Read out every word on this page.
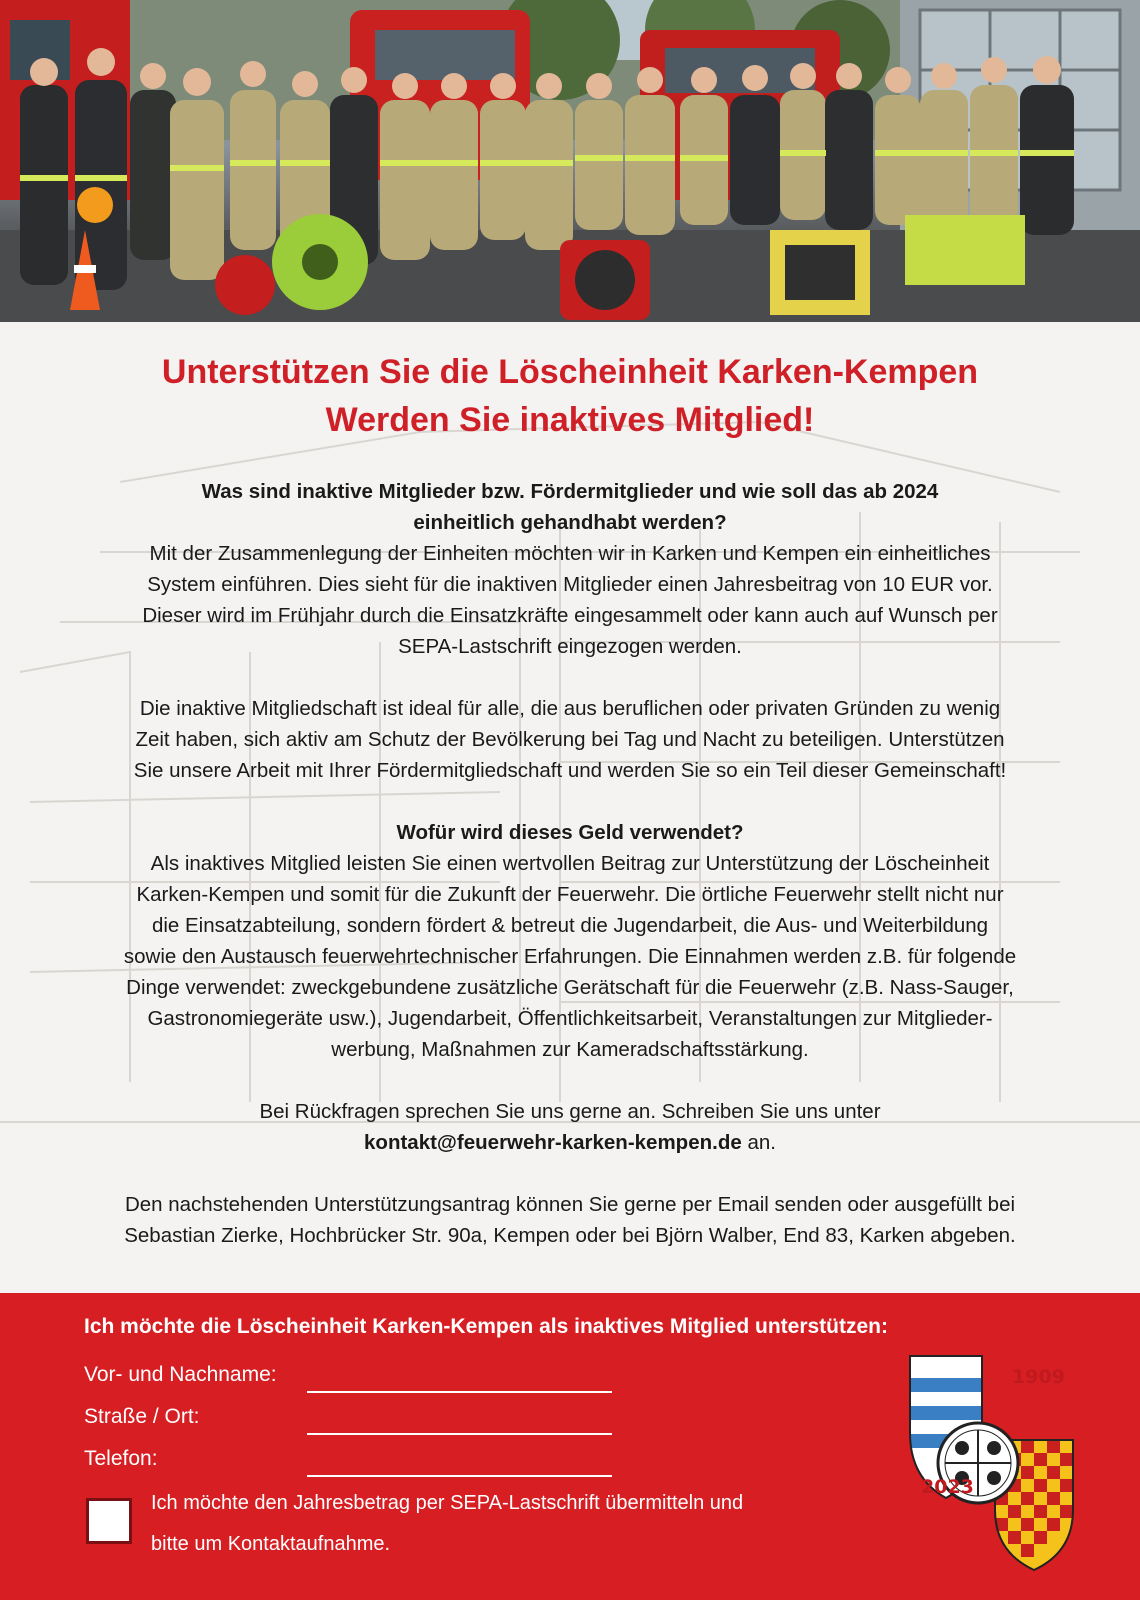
Unterstützen Sie die Löscheinheit Karken-Kempen
Werden Sie inaktives Mitglied!

Was sind inaktive Mitglieder bzw. Fördermitglieder und wie soll das ab 2024

einheitlich gehandhabt werden?

Mit der Zusammenlegung der Einheiten möchten wir in Karken und Kempen ein einheitliches

System einführen. Dies sieht für die inaktiven Mitglieder einen Jahresbeitrag von 10 EUR vor.

Dieser wird im Frühjahr durch die Einsatzkräfte eingesammelt oder kann auch auf Wunsch per

SEPA-Lastschrift eingezogen werden.

Die inaktive Mitgliedschaft ist ideal für alle, die aus beruflichen oder privaten Gründen zu wenig

Zeit haben, sich aktiv am Schutz der Bevölkerung bei Tag und Nacht zu beteiligen. Unterstützen

Sie unsere Arbeit mit Ihrer Fördermitgliedschaft und werden Sie so ein Teil dieser Gemeinschaft!

Wofür wird dieses Geld verwendet?

Als inaktives Mitglied leisten Sie einen wertvollen Beitrag zur Unterstützung der Löscheinheit

Karken-Kempen und somit für die Zukunft der Feuerwehr. Die örtliche Feuerwehr stellt nicht nur

die Einsatzabteilung, sondern fördert & betreut die Jugendarbeit, die Aus- und Weiterbildung

sowie den Austausch feuerwehrtechnischer Erfahrungen. Die Einnahmen werden z.B. für folgende

Dinge verwendet: zweckgebundene zusätzliche Gerätschaft für die Feuerwehr (z.B. Nass-Sauger,

Gastronomiegeräte usw.), Jugendarbeit, Öffentlichkeitsarbeit, Veranstaltungen zur Mitglieder-

werbung, Maßnahmen zur Kameradschaftsstärkung.

Bei Rückfragen sprechen Sie uns gerne an. Schreiben Sie uns unter

kontakt@feuerwehr-karken-kempen.de an.

Den nachstehenden Unterstützungsantrag können Sie gerne per Email senden oder ausgefüllt bei

Sebastian Zierke, Hochbrücker Str. 90a, Kempen oder bei Björn Walber, End 83, Karken abgeben.

Ich möchte die Löscheinheit Karken-Kempen als inaktives Mitglied unterstützen:
Vor- und Nachname:
Straße / Ort:
Telefon:

Ich möchte den Jahresbetrag per SEPA-Lastschrift übermitteln und

bitte um Kontaktaufnahme.

1909
2023
